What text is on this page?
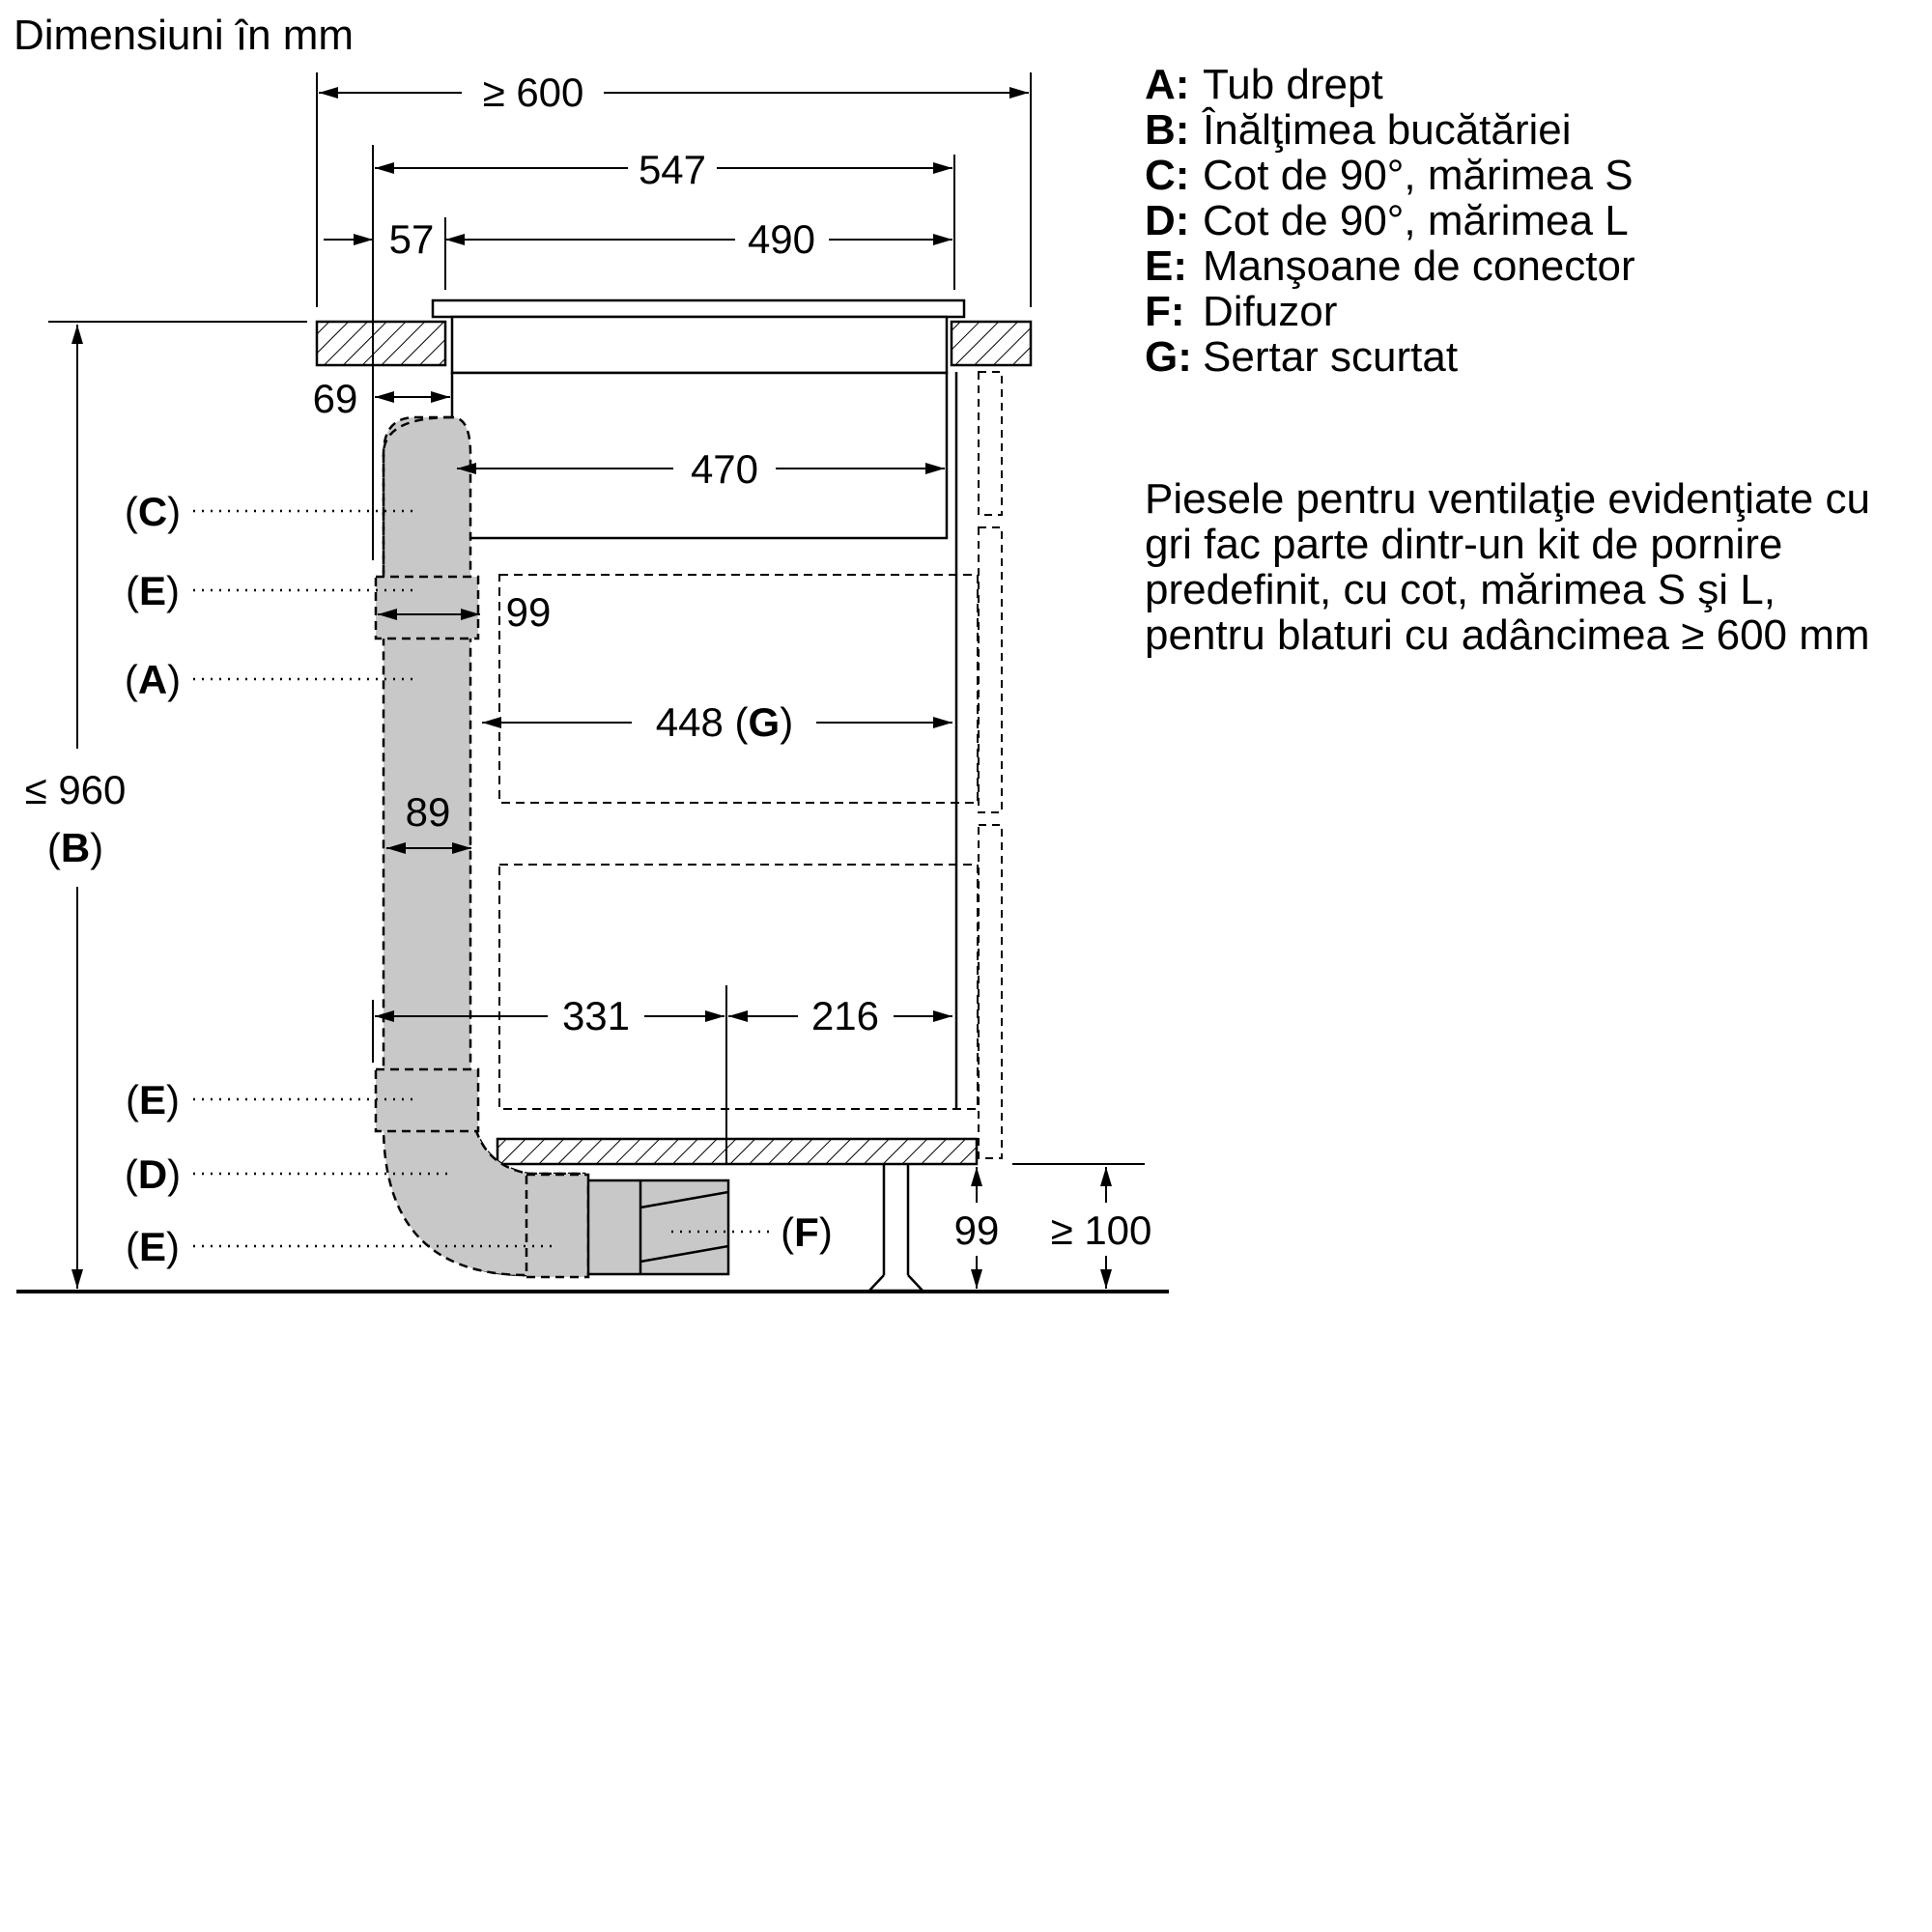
Dimensiuni în mm
≥ 600
547
57	490
69
470
99
448 (G)
≤ 960
(B)
89
331	216
99 ≥ 100
(C)
(E)
(A)
(E)
(D)
(E)	(F)
A: Tub drept
B: Înălţimea bucătăriei
C: Cot de 90°, mărimea S
D: Cot de 90°, mărimea L
E: Manşoane de conector
F: Difuzor
G: Sertar scurtat
Piesele pentru ventilaţie evidenţiate cu
gri fac parte dintr-un kit de pornire
predefinit, cu cot, mărimea S şi L,
pentru blaturi cu adâncimea ≥ 600 mm
